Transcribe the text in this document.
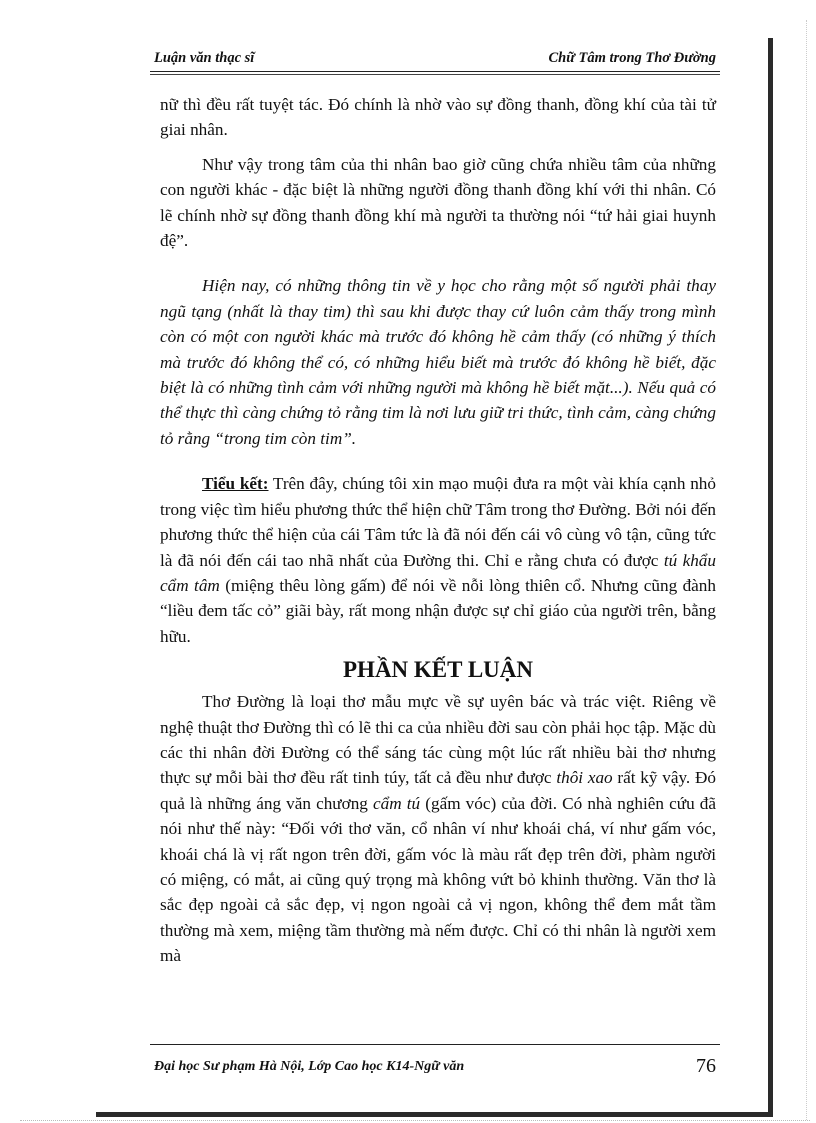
Luận văn thạc sĩ	Chữ Tâm trong Thơ Đường

nữ thì đều rất tuyệt tác. Đó chính là nhờ vào sự đồng thanh, đồng khí của tài tử giai nhân.

Như vậy trong tâm của thi nhân bao giờ cũng chứa nhiều tâm của những con người khác - đặc biệt là những người đồng thanh đồng khí với thi nhân. Có lẽ chính nhờ sự đồng thanh đồng khí mà người ta thường nói “tứ hải giai huynh đệ”.

Hiện nay, có những thông tin về y học cho rằng một số người phải thay ngũ tạng (nhất là thay tim) thì sau khi được thay cứ luôn cảm thấy trong mình còn có một con người khác mà trước đó không hề cảm thấy (có những ý thích mà trước đó không thể có, có những hiểu biết mà trước đó không hề biết, đặc biệt là có những tình cảm với những người mà không hề biết mặt...). Nếu quả có thể thực thì càng chứng tỏ rằng tim là nơi lưu giữ tri thức, tình cảm, càng chứng tỏ rằng “trong tim còn tim”.

Tiểu kết: Trên đây, chúng tôi xin mạo muội đưa ra một vài khía cạnh nhỏ trong việc tìm hiểu phương thức thể hiện chữ Tâm trong thơ Đường. Bởi nói đến phương thức thể hiện của cái Tâm tức là đã nói đến cái vô cùng vô tận, cũng tức là đã nói đến cái tao nhã nhất của Đường thi. Chỉ e rằng chưa có được tú khẩu cẩm tâm (miệng thêu lòng gấm) để nói về nỗi lòng thiên cổ. Nhưng cũng đành “liều đem tấc cỏ” giãi bày, rất mong nhận được sự chỉ giáo của người trên, bằng hữu.

PHẦN KẾT LUẬN

Thơ Đường là loại thơ mẫu mực về sự uyên bác và trác việt. Riêng về nghệ thuật thơ Đường thì có lẽ thi ca của nhiều đời sau còn phải học tập. Mặc dù các thi nhân đời Đường có thể sáng tác cùng một lúc rất nhiều bài thơ nhưng thực sự mỗi bài thơ đều rất tinh túy, tất cả đều như được thôi xao rất kỹ vậy. Đó quả là những áng văn chương cẩm tú (gấm vóc) của đời. Có nhà nghiên cứu đã nói như thế này: “Đối với thơ văn, cổ nhân ví như khoái chá, ví như gấm vóc, khoái chá là vị rất ngon trên đời, gấm vóc là màu rất đẹp trên đời, phàm người có miệng, có mắt, ai cũng quý trọng mà không vứt bỏ khinh thường. Văn thơ là sắc đẹp ngoài cả sắc đẹp, vị ngon ngoài cả vị ngon, không thể đem mắt tầm thường mà xem, miệng tầm thường mà nếm được. Chỉ có thi nhân là người xem mà

Đại học Sư phạm Hà Nội, Lớp Cao học K14-Ngữ văn	76
